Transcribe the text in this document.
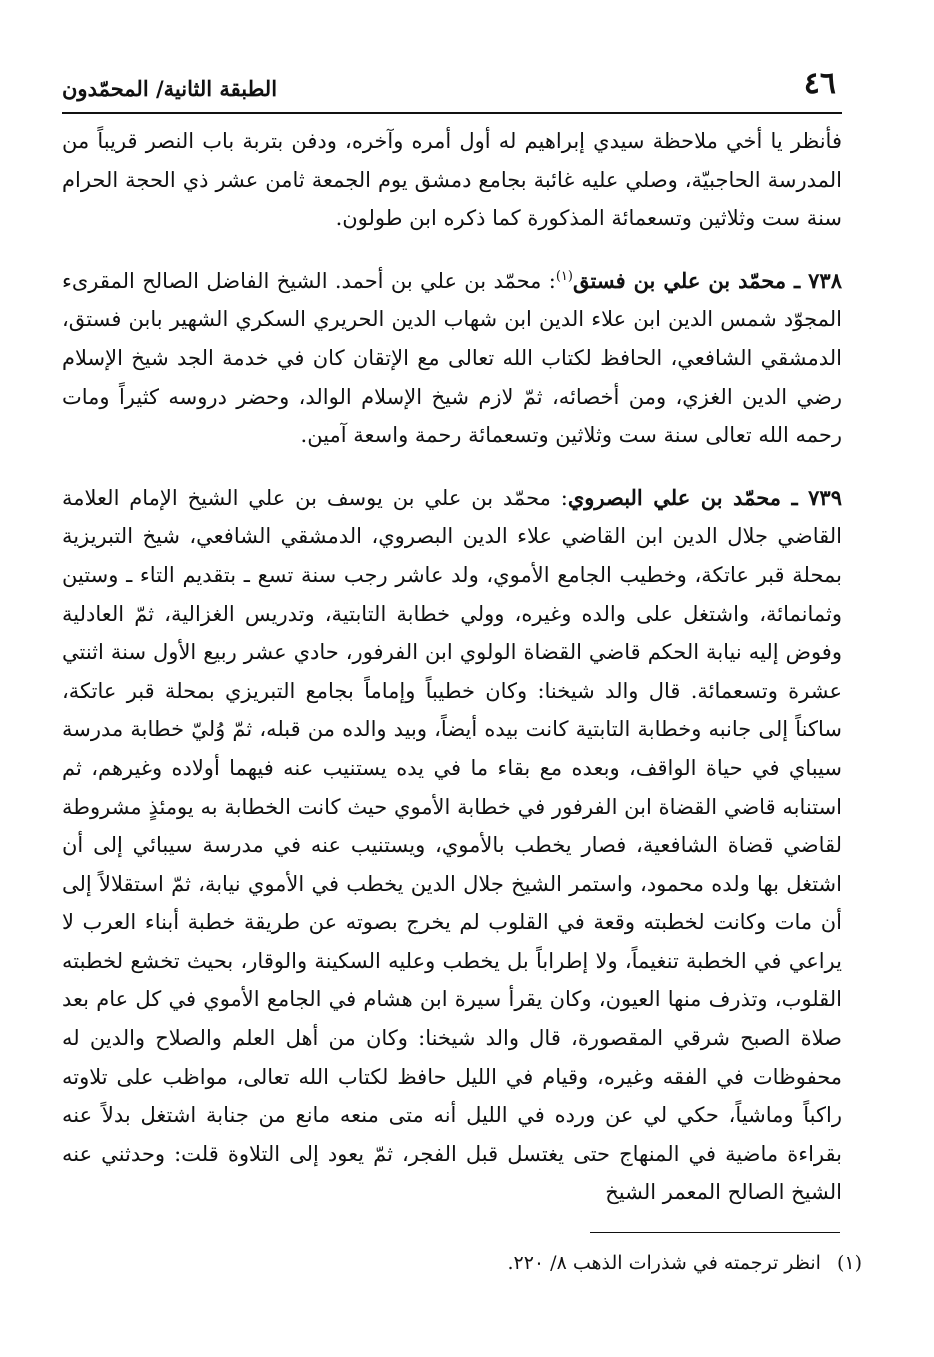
٤٦
الطبقة الثانية/ المحمّدون

فأنظر يا أخي ملاحظة سيدي إبراهيم له أول أمره وآخره، ودفن بتربة باب النصر قريباً من المدرسة الحاجبيّة، وصلي عليه غائبة بجامع دمشق يوم الجمعة ثامن عشر ذي الحجة الحرام سنة ست وثلاثين وتسعمائة المذكورة كما ذكره ابن طولون.

٧٣٨ ـ محمّد بن علي بن فستق$^{(١)}$: محمّد بن علي بن أحمد. الشيخ الفاضل الصالح المقرىء المجوّد شمس الدين ابن علاء الدين ابن شهاب الدين الحريري السكري الشهير بابن فستق، الدمشقي الشافعي، الحافظ لكتاب الله تعالى مع الإتقان كان في خدمة الجد شيخ الإسلام رضي الدين الغزي، ومن أخصائه، ثمّ لازم شيخ الإسلام الوالد، وحضر دروسه كثيراً ومات رحمه الله تعالى سنة ست وثلاثين وتسعمائة رحمة واسعة آمين.

٧٣٩ ـ محمّد بن علي البصروي: محمّد بن علي بن يوسف بن علي الشيخ الإمام العلامة القاضي جلال الدين ابن القاضي علاء الدين البصروي، الدمشقي الشافعي، شيخ التبريزية بمحلة قبر عاتكة، وخطيب الجامع الأموي، ولد عاشر رجب سنة تسع ـ بتقديم التاء ـ وستين وثمانمائة، واشتغل على والده وغيره، وولي خطابة التابتية، وتدريس الغزالية، ثمّ العادلية وفوض إليه نيابة الحكم قاضي القضاة الولوي ابن الفرفور، حادي عشر ربيع الأول سنة اثنتي عشرة وتسعمائة. قال والد شيخنا: وكان خطيباً وإماماً بجامع التبريزي بمحلة قبر عاتكة، ساكناً إلى جانبه وخطابة التابتية كانت بيده أيضاً، وبيد والده من قبله، ثمّ وُليّ خطابة مدرسة سيباي في حياة الواقف، وبعده مع بقاء ما في يده يستنيب عنه فيهما أولاده وغيرهم، ثم استنابه قاضي القضاة ابن الفرفور في خطابة الأموي حيث كانت الخطابة به يومئذٍ مشروطة لقاضي قضاة الشافعية، فصار يخطب بالأموي، ويستنيب عنه في مدرسة سيبائي إلى أن اشتغل بها ولده محمود، واستمر الشيخ جلال الدين يخطب في الأموي نيابة، ثمّ استقلالاً إلى أن مات وكانت لخطبته وقعة في القلوب لم يخرج بصوته عن طريقة خطبة أبناء العرب لا يراعي في الخطبة تنغيماً، ولا إطراباً بل يخطب وعليه السكينة والوقار، بحيث تخشع لخطبته القلوب، وتذرف منها العيون، وكان يقرأ سيرة ابن هشام في الجامع الأموي في كل عام بعد صلاة الصبح شرقي المقصورة، قال والد شيخنا: وكان من أهل العلم والصلاح والدين له محفوظات في الفقه وغيره، وقيام في الليل حافظ لكتاب الله تعالى، مواظب على تلاوته راكباً وماشياً، حكي لي عن ورده في الليل أنه متى منعه مانع من جنابة اشتغل بدلاً عنه بقراءة ماضية في المنهاج حتى يغتسل قبل الفجر، ثمّ يعود إلى التلاوة قلت: وحدثني عنه الشيخ الصالح المعمر الشيخ

(١)انظر ترجمته في شذرات الذهب ٨/ ٢٢٠.
